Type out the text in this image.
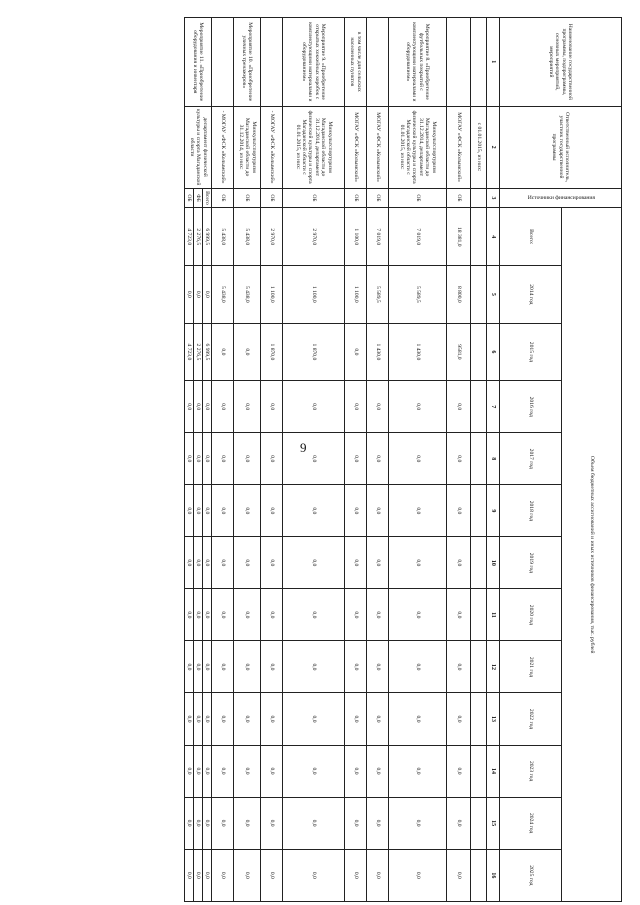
9
Наименование государственной программы, подпрограммы, основных мероприятий, мероприятий	Ответственный исполнитель, участник государственной программы	Источники финансирования	Объем бюджетных ассигнований и иных источников финансирования, тыс. рублей												
			Всего:	2014 год	2015 год	2016 год	2017 год	2018 год	2019 год	2020 год	2021 год	2022 год	2023 год	2024 год	2025 год
1	2	3	4	5	6	7	8	9	10	11	12	13	14	15	16
	с 01.01.2015, из них:														
	МОГАУ «ФСК «Колымский»	ОБ	18 381,0	8 800,0	9581,0	0,0	0,0	0,0	0,0	0,0	0,0	0,0	0,0	0,0	0,0
Мероприятие 8. «Приобретение футбольных покрытий с комплектующими материалами и оборудованием»	Минкультспортуризм Магаданской области до 31.12.2014, департамент физической культуры и спорта Магаданской области с 01.01.2015, из них:	ОБ	7 019,0	5 589,5	1 430,0	0,0	0,0	0,0	0,0	0,0	0,0	0,0	0,0	0,0	0,0
	МОГАУ «ФСК «Колымский»	ОБ	7 019,0	5 589,5	1 430,0	0,0	0,0	0,0	0,0	0,0	0,0	0,0	0,0	0,0	0,0
в том числе для сельских населенных пунктов	МОГАУ «ФСК «Колымский»	ОБ	1 100,0	1 100,0	0,0	0,0	0,0	0,0	0,0	0,0	0,0	0,0	0,0	0,0	0,0
Мероприятие 9. «Приобретение открытых хоккейных коробок с комплектующими материалами и оборудованием»	Минкультспортуризм Магаданской области до 31.12.2014, департамент физической культуры и спорта Магаданской области с 01.01.2015, из них:	ОБ	2 970,0	1 100,0	1 870,0	0,0	0,0	0,0	0,0	0,0	0,0	0,0	0,0	0,0	0,0
	- МОГАУ «ФСК «Колымский»	ОБ	2 970,0	1 100,0	1 870,0	0,0	0,0	0,0	0,0	0,0	0,0	0,0	0,0	0,0	0,0
Мероприятие 10. «Приобретение уличных тренажеров»	Минкультспортуризм Магаданской области до 31.12.2014, из них:	ОБ	5 438,0	5 438,0	0,0	0,0	0,0	0,0	0,0	0,0	0,0	0,0	0,0	0,0	0,0
	- МОГАУ «ФСК «Колымский»	ОБ	5 438,0	5 438,0	0,0	0,0	0,0	0,0	0,0	0,0	0,0	0,0	0,0	0,0	0,0
Мероприятие 11. «Приобретение оборудования и инвентаря	департамент физической культуры и спорта Магаданской области	Всего	6 999,5	0,0	6 999,5	0,0	0,0	0,0	0,0	0,0	0,0	0,0	0,0	0,0	0,0
		ФБ	2 276,5	0,0	2 276,5	0,0	0,0	0,0	0,0	0,0	0,0	0,0	0,0	0,0	0,0
		ОБ	4 723,0	0,0	4 723,0	0,0	0,0	0,0	0,0	0,0	0,0	0,0	0,0	0,0	0,0
